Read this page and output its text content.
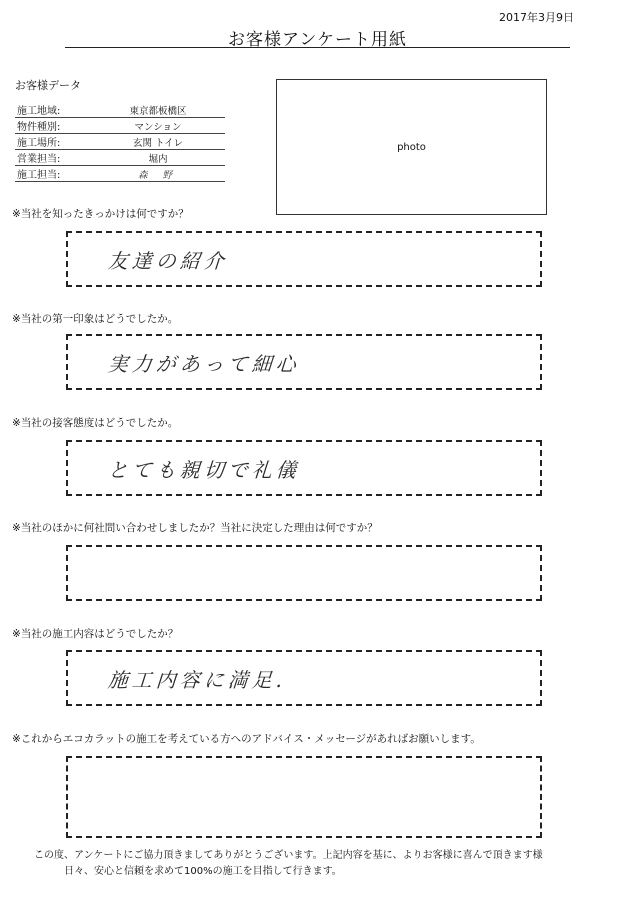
2017年3月9日
お客様アンケート用紙
お客様データ
施工地域:	東京都板橋区
物件種別:	マンション
施工場所:	玄関 トイレ
営業担当:	堀内
施工担当:	森 野
photo
※当社を知ったきっかけは何ですか？
友達の紹介
※当社の第一印象はどうでしたか。
実力があって細心
※当社の接客態度はどうでしたか。
とても親切で礼儀
※当社のほかに何社問い合わせしましたか？当社に決定した理由は何ですか？
※当社の施工内容はどうでしたか？
施工内容に満足.
※これからエコカラットの施工を考えている方へのアドバイス・メッセージがあればお願いします。
この度、アンケートにご協力頂きましてありがとうございます。上記内容を基に、よりお客様に喜んで頂きます様
日々、安心と信頼を求めて100%の施工を目指して行きます。
